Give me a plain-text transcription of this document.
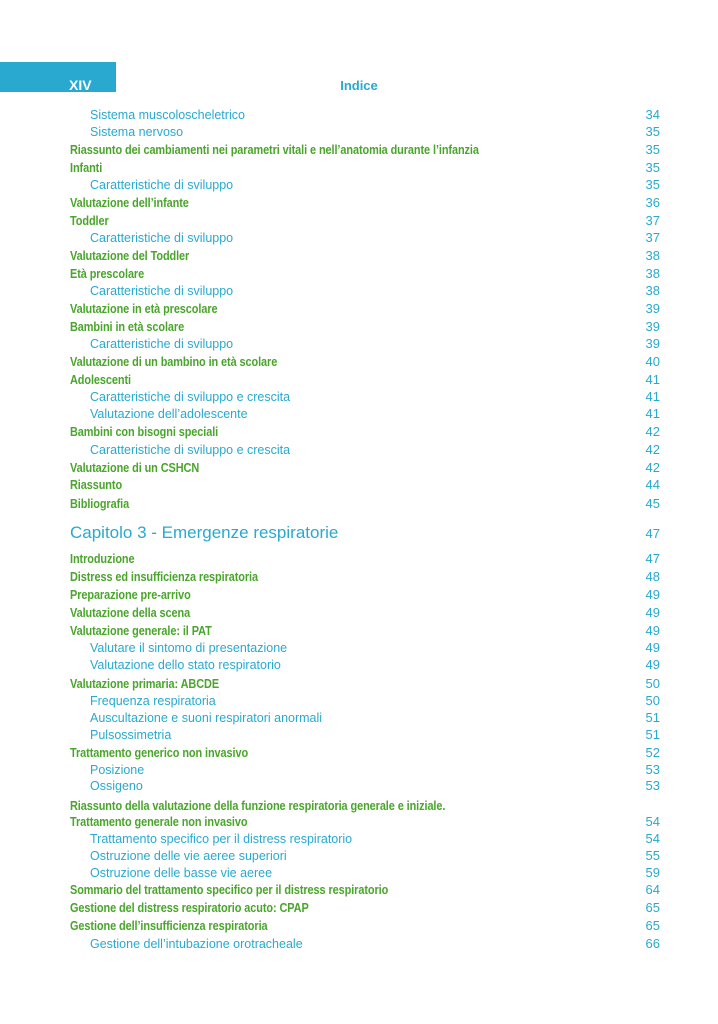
XIV	Indice
Sistema muscoloscheletrico	34
Sistema nervoso	35
Riassunto dei cambiamenti nei parametri vitali e nell’anatomia durante l’infanzia	35
Infanti	35
Caratteristiche di sviluppo	35
Valutazione dell’infante	36
Toddler	37
Caratteristiche di sviluppo	37
Valutazione del Toddler	38
Età prescolare	38
Caratteristiche di sviluppo	38
Valutazione in età prescolare	39
Bambini in età scolare	39
Caratteristiche di sviluppo	39
Valutazione di un bambino in età scolare	40
Adolescenti	41
Caratteristiche di sviluppo e crescita	41
Valutazione dell’adolescente	41
Bambini con bisogni speciali	42
Caratteristiche di sviluppo e crescita	42
Valutazione di un CSHCN	42
Riassunto	44
Bibliografia	45
Capitolo 3 - Emergenze respiratorie	47
Introduzione	47
Distress ed insufficienza respiratoria	48
Preparazione pre-arrivo	49
Valutazione della scena	49
Valutazione generale: il PAT	49
Valutare il sintomo di presentazione	49
Valutazione dello stato respiratorio	49
Valutazione primaria: ABCDE	50
Frequenza respiratoria	50
Auscultazione e suoni respiratori anormali	51
Pulsossimetria	51
Trattamento generico non invasivo	52
Posizione	53
Ossigeno	53
Riassunto della valutazione della funzione respiratoria generale e iniziale.
Trattamento generale non invasivo	54
Trattamento specifico per il distress respiratorio	54
Ostruzione delle vie aeree superiori	55
Ostruzione delle basse vie aeree	59
Sommario del trattamento specifico per il distress respiratorio	64
Gestione del distress respiratorio acuto: CPAP	65
Gestione dell’insufficienza respiratoria	65
Gestione dell’intubazione orotracheale	66
